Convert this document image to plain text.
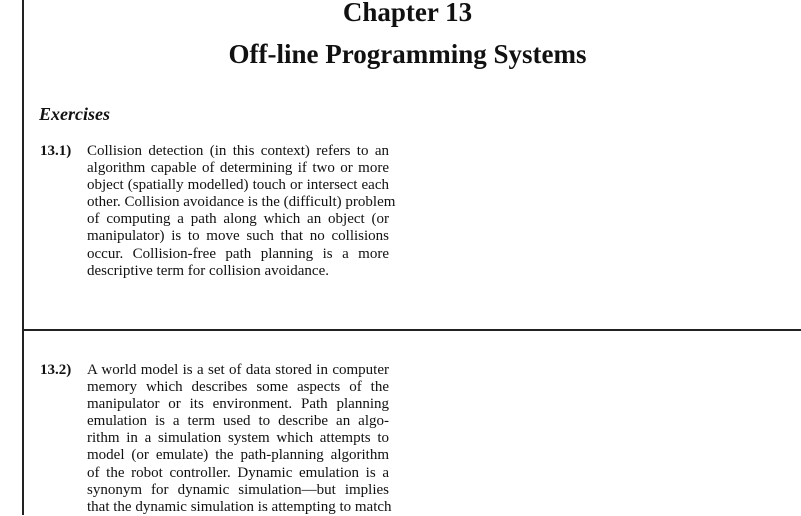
Chapter 13
Off-line Programming Systems
Exercises
13.1) Collision detection (in this context) refers to an
algorithm capable of determining if two or more
object (spatially modelled) touch or intersect each
other. Collision avoidance is the (difficult) problem
of computing a path along which an object (or
manipulator) is to move such that no collisions
occur. Collision-free path planning is a more
descriptive term for collision avoidance.
13.2) A world model is a set of data stored in computer
memory which describes some aspects of the
manipulator or its environment. Path planning
emulation is a term used to describe an algo-
rithm in a simulation system which attempts to
model (or emulate) the path-planning algorithm
of the robot controller. Dynamic emulation is a
synonym for dynamic simulation—but implies
that the dynamic simulation is attempting to match
